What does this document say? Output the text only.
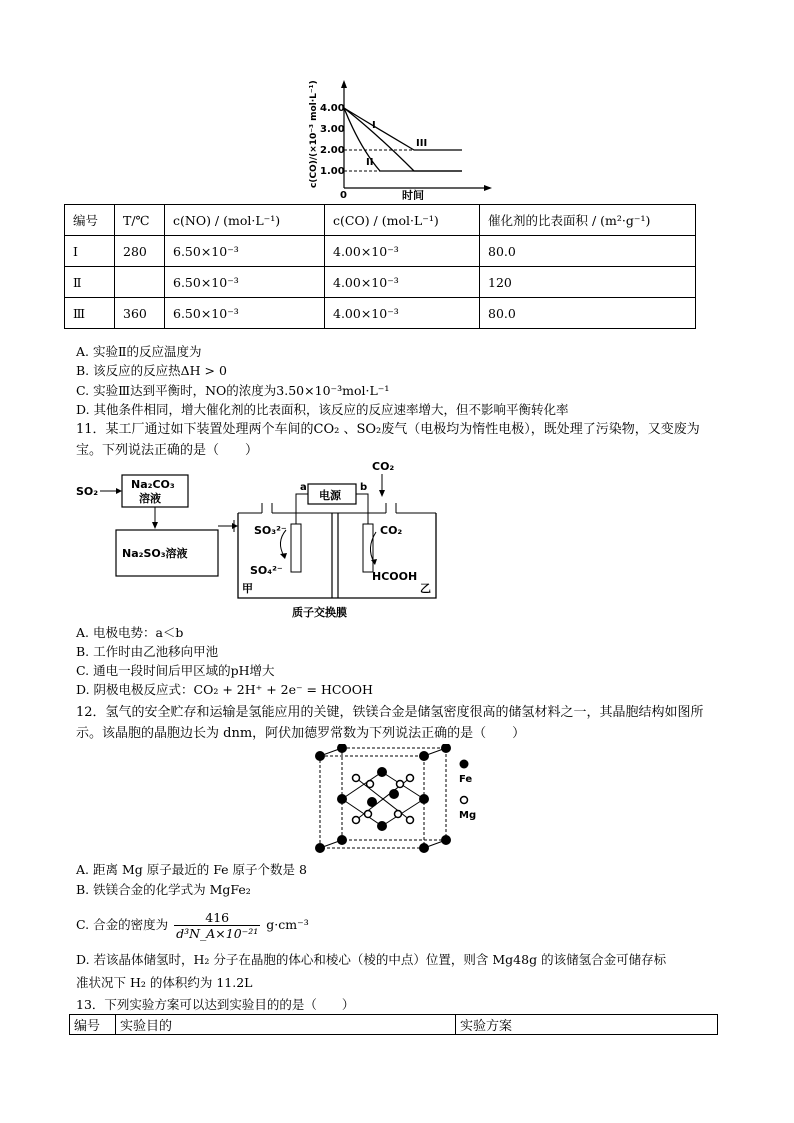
c(CO)/(×10⁻³ mol·L⁻¹) 4.00
3.00
2.00
1.00
0	时间
I
II
III
编号	T/℃	c(NO) / (mol·L⁻¹)	c(CO) / (mol·L⁻¹)	催化剂的比表面积 / (m²·g⁻¹)
Ⅰ	280	6.50×10⁻³	4.00×10⁻³	80.0
Ⅱ		6.50×10⁻³	4.00×10⁻³	120
Ⅲ	360	6.50×10⁻³	4.00×10⁻³	80.0
A. 实验Ⅱ的反应温度为
B. 该反应的反应热ΔH > 0
C. 实验Ⅲ达到平衡时，NO的浓度为3.50×10⁻³mol·L⁻¹
D. 其他条件相同，增大催化剂的比表面积，该反应的反应速率增大，但不影响平衡转化率
11．某工厂通过如下装置处理两个车间的CO₂ 、SO₂废气（电极均为惰性电极），既处理了污染物，又变废为宝。下列说法正确的是（　　）
SO₂
Na₂CO₃
溶液
Na₂SO₃溶液
电源
a	b
CO₂
SO₃²⁻
SO₄²⁻
CO₂
HCOOH
甲	乙
质子交换膜
A. 电极电势：a＜b
B. 工作时由乙池移向甲池
C. 通电一段时间后甲区域的pH增大
D. 阴极电极反应式：CO₂ + 2H⁺ + 2e⁻ = HCOOH
12．氢气的安全贮存和运输是氢能应用的关键，铁镁合金是储氢密度很高的储氢材料之一，其晶胞结构如图所示。该晶胞的晶胞边长为 dnm，阿伏加德罗常数为下列说法正确的是（　　）
Fe
Mg
A. 距离 Mg 原子最近的 Fe 原子个数是 8
B. 铁镁合金的化学式为 MgFe₂
C. 合金的密度为 $\frac{416}{\text{d³N\_A×10⁻²¹}} g\cdot cm^{-3}$
D. 若该晶体储氢时，H₂ 分子在晶胞的体心和棱心（棱的中点）位置，则含 Mg48g 的该储氢合金可储存标
准状况下 H₂ 的体积约为 11.2L
13．下列实验方案可以达到实验目的的是（　　）
编号	实验目的	实验方案
